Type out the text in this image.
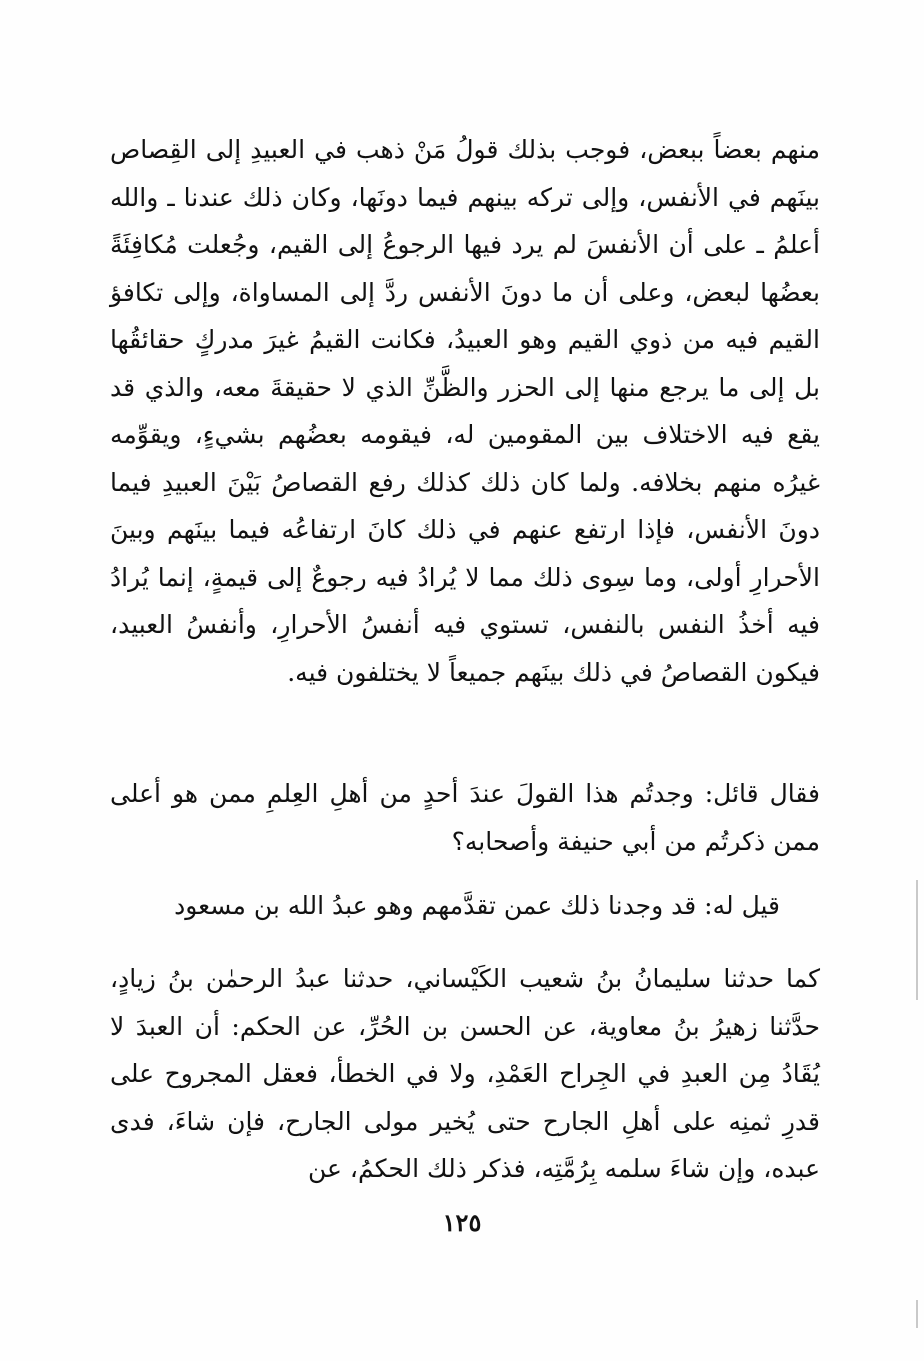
منهم بعضاً ببعض، فوجب بذلك قولُ مَنْ ذهب في العبيدِ إلى القِصاص بينَهم في الأنفس، وإلى تركه بينهم فيما دونَها، وكان ذلك عندنا ـ والله أعلمُ ـ على أن الأنفسَ لم يرد فيها الرجوعُ إلى القيم، وجُعلت مُكافِئَةً بعضُها لبعض، وعلى أن ما دونَ الأنفس ردَّ إلى المساواة، وإلى تكافؤ القيم فيه من ذوي القيم وهو العبيدُ، فكانت القيمُ غيرَ مدركٍ حقائقُها بل إلى ما يرجع منها إلى الحزر والظَّنِّ الذي لا حقيقةَ معه، والذي قد يقع فيه الاختلاف بين المقومين له، فيقومه بعضُهم بشيءٍ، ويقوِّمه غيرُه منهم بخلافه. ولما كان ذلك كذلك رفع القصاصُ بَيْنَ العبيدِ فيما دونَ الأنفس، فإذا ارتفع عنهم في ذلك كانَ ارتفاعُه فيما بينَهم وبينَ الأحرارِ أولى، وما سِوى ذلك مما لا يُرادُ فيه رجوعٌ إلى قيمةٍ، إنما يُرادُ فيه أخذُ النفس بالنفس، تستوي فيه أنفسُ الأحرارِ، وأنفسُ العبيد، فيكون القصاصُ في ذلك بينَهم جميعاً لا يختلفون فيه.

فقال قائل: وجدتُم هذا القولَ عندَ أحدٍ من أهلِ العِلمِ ممن هو أعلى ممن ذكرتُم من أبي حنيفة وأصحابه؟

قيل له: قد وجدنا ذلك عمن تقدَّمهم وهو عبدُ الله بن مسعود

كما حدثنا سليمانُ بنُ شعيب الكَيْساني، حدثنا عبدُ الرحمٰن بنُ زيادٍ، حدَّثنا زهيرُ بنُ معاوية، عن الحسن بن الحُرِّ، عن الحكم: أن العبدَ لا يُقَادُ مِن العبدِ في الجِراح العَمْدِ، ولا في الخطأ، فعقل المجروح على قدرِ ثمنِه على أهلِ الجارح حتى يُخير مولى الجارح، فإن شاءَ، فدى عبده، وإن شاءَ سلمه بِرُمَّتِه، فذكر ذلك الحكمُ، عن

١٢٥
